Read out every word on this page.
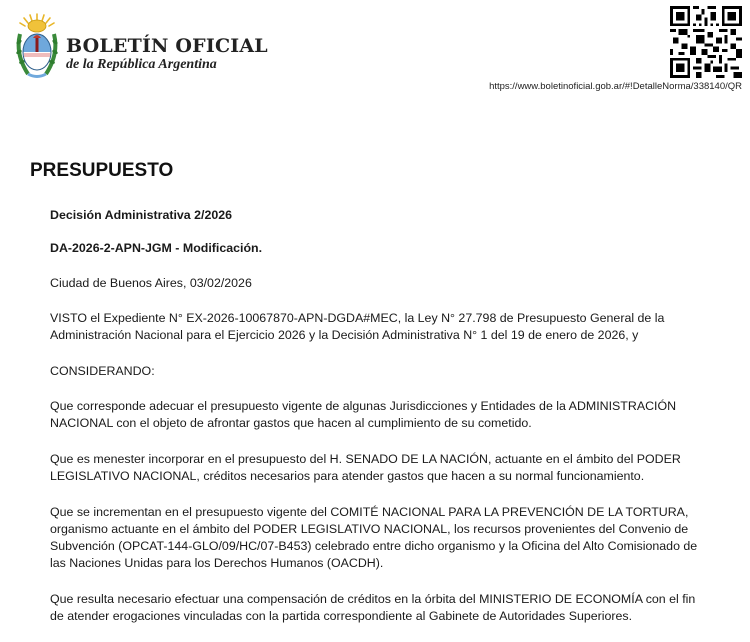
BOLETÍN OFICIAL
de la República Argentina
https://www.boletinoficial.gob.ar/#!DetalleNorma/338140/QR
PRESUPUESTO
Decisión Administrativa 2/2026
DA-2026-2-APN-JGM - Modificación.
Ciudad de Buenos Aires, 03/02/2026
VISTO el Expediente N° EX-2026-10067870-APN-DGDA#MEC, la Ley N° 27.798 de Presupuesto General de la Administración Nacional para el Ejercicio 2026 y la Decisión Administrativa N° 1 del 19 de enero de 2026, y
CONSIDERANDO:
Que corresponde adecuar el presupuesto vigente de algunas Jurisdicciones y Entidades de la ADMINISTRACIÓN NACIONAL con el objeto de afrontar gastos que hacen al cumplimiento de su cometido.
Que es menester incorporar en el presupuesto del H. SENADO DE LA NACIÓN, actuante en el ámbito del PODER LEGISLATIVO NACIONAL, créditos necesarios para atender gastos que hacen a su normal funcionamiento.
Que se incrementan en el presupuesto vigente del COMITÉ NACIONAL PARA LA PREVENCIÓN DE LA TORTURA, organismo actuante en el ámbito del PODER LEGISLATIVO NACIONAL, los recursos provenientes del Convenio de Subvención (OPCAT-144-GLO/09/HC/07-B453) celebrado entre dicho organismo y la Oficina del Alto Comisionado de las Naciones Unidas para los Derechos Humanos (OACDH).
Que resulta necesario efectuar una compensación de créditos en la órbita del MINISTERIO DE ECONOMÍA con el fin de atender erogaciones vinculadas con la partida correspondiente al Gabinete de Autoridades Superiores.
